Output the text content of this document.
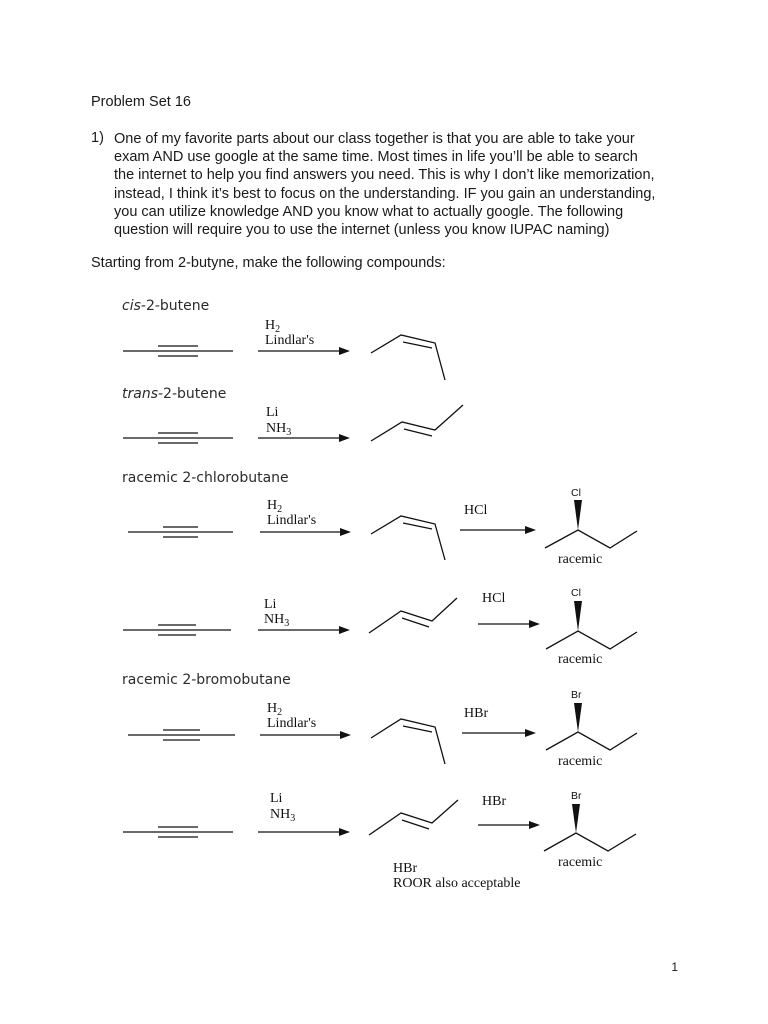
Problem Set 16
1) One of my favorite parts about our class together is that you are able to take your
exam AND use google at the same time. Most times in life you’ll be able to search
the internet to help you find answers you need. This is why I don’t like memorization,
instead, I think it’s best to focus on the understanding. IF you gain an understanding,
you can utilize knowledge AND you know what to actually google. The following
question will require you to use the internet (unless you know IUPAC naming)
Starting from 2-butyne, make the following compounds:
cis-2-butene
trans-2-butene
racemic 2-chlorobutane
racemic 2-bromobutane
$H_2$
Lindlar's
Li
$NH_3$
$H_2$
Lindlar's
HCl
racemic
Li
$NH_3$
HCl
racemic
$H_2$
Lindlar's
HBr
racemic
Li
$NH_3$
HBr
racemic
HBr
ROOR also acceptable
Cl
Cl
Br
Br
1
